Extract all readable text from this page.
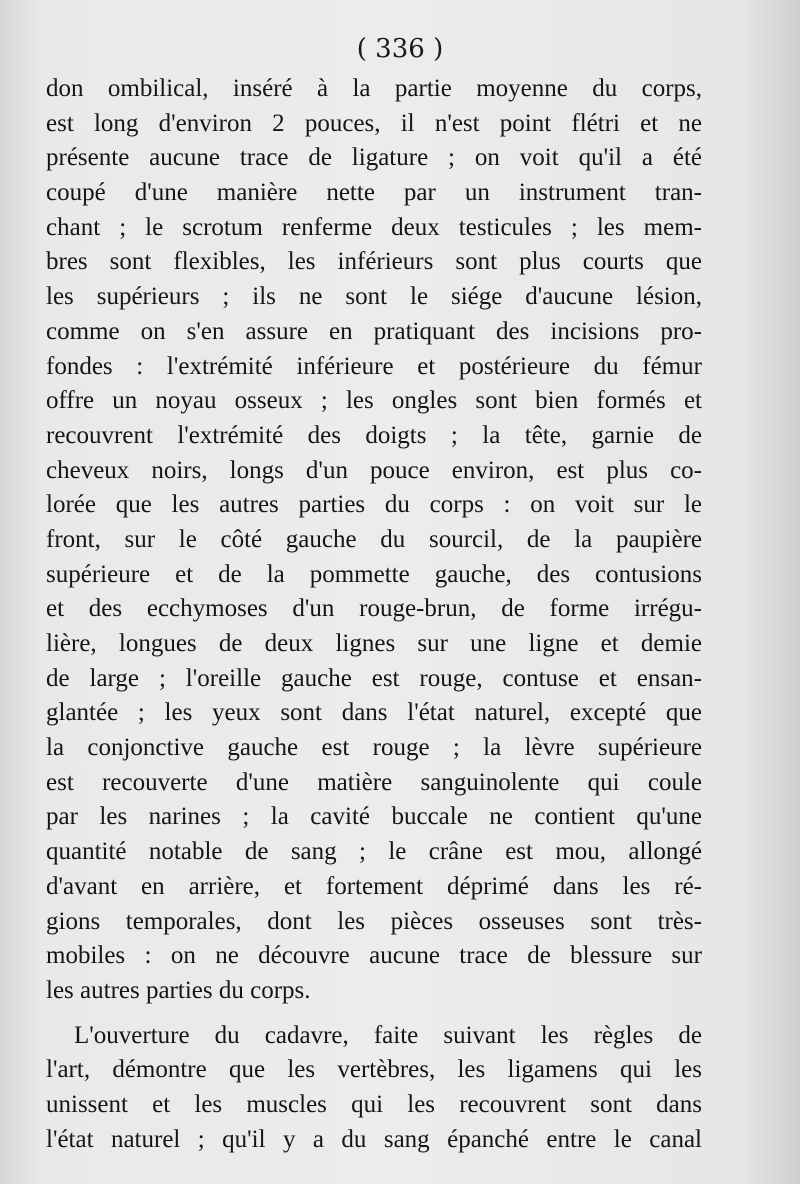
( 336 )
don ombilical, inséré à la partie moyenne du corps,
est long d'environ 2 pouces, il n'est point flétri et ne
présente aucune trace de ligature ; on voit qu'il a été
coupé d'une manière nette par un instrument tran-
chant ; le scrotum renferme deux testicules ; les mem-
bres sont flexibles, les inférieurs sont plus courts que
les supérieurs ; ils ne sont le siége d'aucune lésion,
comme on s'en assure en pratiquant des incisions pro-
fondes : l'extrémité inférieure et postérieure du fémur
offre un noyau osseux ; les ongles sont bien formés et
recouvrent l'extrémité des doigts ; la tête, garnie de
cheveux noirs, longs d'un pouce environ, est plus co-
lorée que les autres parties du corps : on voit sur le
front, sur le côté gauche du sourcil, de la paupière
supérieure et de la pommette gauche, des contusions
et des ecchymoses d'un rouge-brun, de forme irrégu-
lière, longues de deux lignes sur une ligne et demie
de large ; l'oreille gauche est rouge, contuse et ensan-
glantée ; les yeux sont dans l'état naturel, excepté que
la conjonctive gauche est rouge ; la lèvre supérieure
est recouverte d'une matière sanguinolente qui coule
par les narines ; la cavité buccale ne contient qu'une
quantité notable de sang ; le crâne est mou, allongé
d'avant en arrière, et fortement déprimé dans les ré-
gions temporales, dont les pièces osseuses sont très-
mobiles : on ne découvre aucune trace de blessure sur
les autres parties du corps.
L'ouverture du cadavre, faite suivant les règles de
l'art, démontre que les vertèbres, les ligamens qui les
unissent et les muscles qui les recouvrent sont dans
l'état naturel ; qu'il y a du sang épanché entre le canal
